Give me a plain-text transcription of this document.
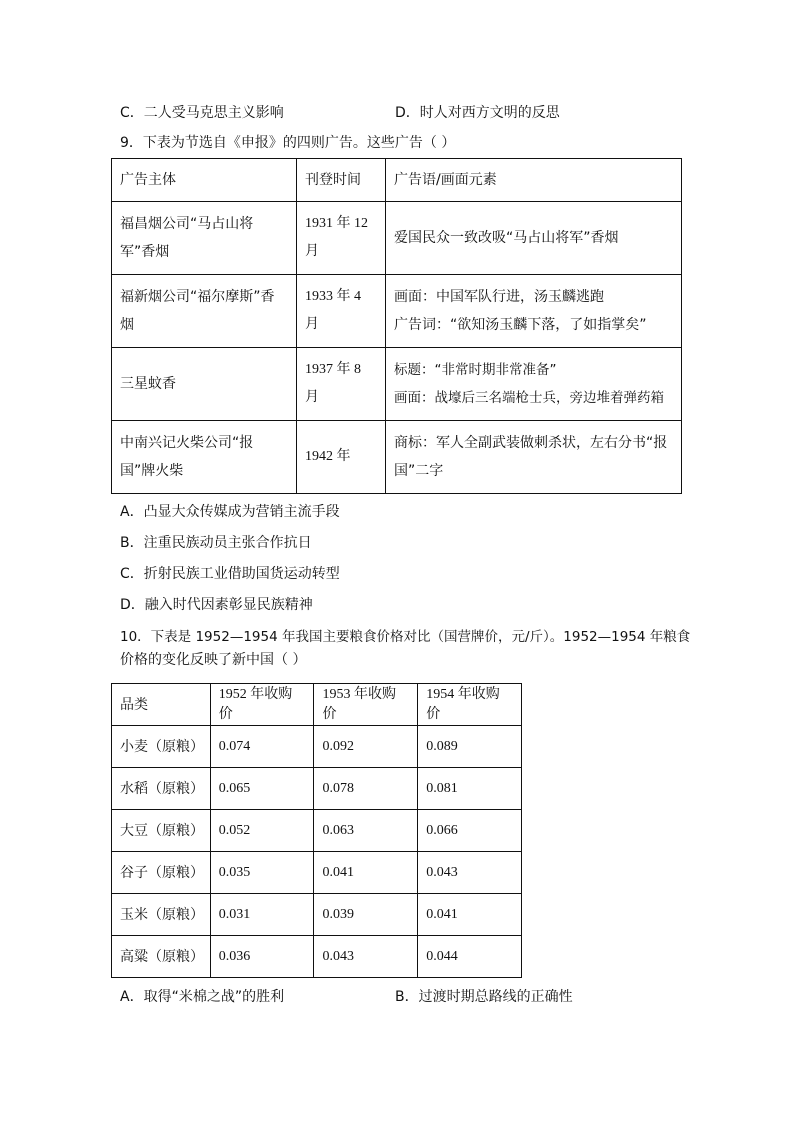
C．二人受马克思主义影响	D．时人对西方文明的反思
9．下表为节选自《申报》的四则广告。这些广告（ ）
广告主体	刊登时间	广告语/画面元素
福昌烟公司“马占山将军”香烟	1931 年 12 月	爱国民众一致改吸“马占山将军”香烟

福新烟公司“福尔摩斯”香烟	1933 年 4 月	画面：中国军队行进，汤玉麟逃跑
广告词：“欲知汤玉麟下落，了如指掌矣”

三星蚊香	1937 年 8 月	标题：“非常时期非常准备”
画面：战壕后三名端枪士兵，旁边堆着弹药箱

中南兴记火柴公司“报国”牌火柴	1942 年	商标：军人全副武装做刺杀状，左右分书“报国”二字
A．凸显大众传媒成为营销主流手段
B．注重民族动员主张合作抗日
C．折射民族工业借助国货运动转型
D．融入时代因素彰显民族精神
10．下表是 1952—1954 年我国主要粮食价格对比（国营牌价，元/斤）。1952—1954 年粮食
价格的变化反映了新中国（ ）
品类	1952 年收购价	1953 年收购价	1954 年收购价
小麦（原粮）	0.074	0.092	0.089
水稻（原粮）	0.065	0.078	0.081
大豆（原粮）	0.052	0.063	0.066
谷子（原粮）	0.035	0.041	0.043
玉米（原粮）	0.031	0.039	0.041
高粱（原粮）	0.036	0.043	0.044
A．取得“米棉之战”的胜利	B．过渡时期总路线的正确性
